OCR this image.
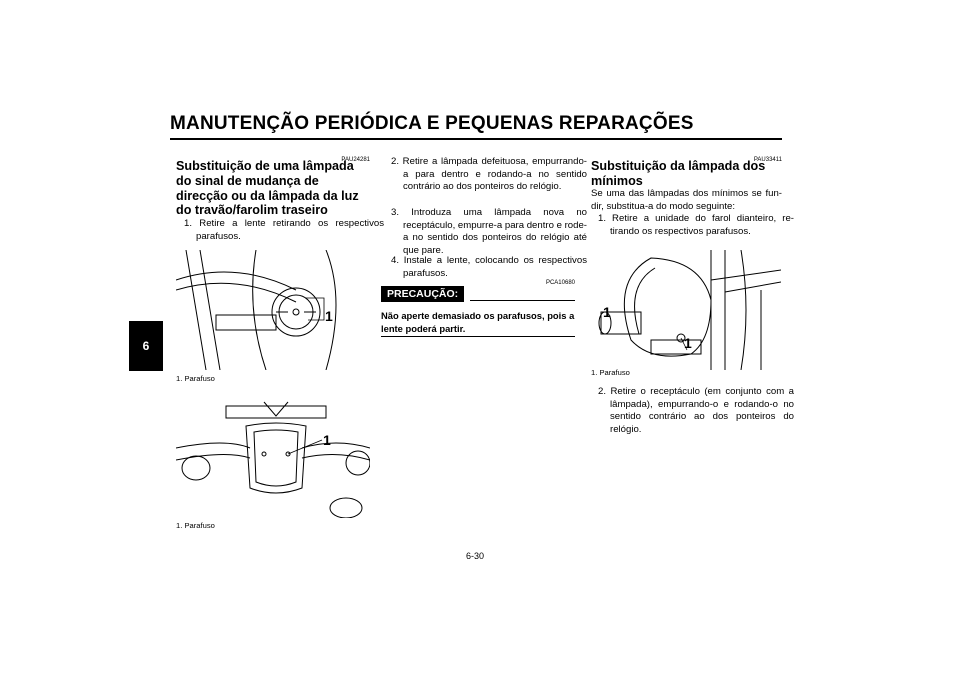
MANUTENÇÃO PERIÓDICA E PEQUENAS REPARAÇÕES
6
PAU24281
Substituição de uma lâmpada do sinal de mudança de direcção ou da lâmpada da luz do travão/farolim traseiro
1. Retire a lente retirando os respectivos parafusos.
1
1. Parafuso
1
1. Parafuso
2. Retire a lâmpada defeituosa, empurrando-a para dentro e rodando-a no sentido contrário ao dos ponteiros do relógio.
3. Introduza uma lâmpada nova no receptáculo, empurre-a para dentro e rode-a no sentido dos ponteiros do relógio até que pare.
4. Instale a lente, colocando os respectivos parafusos.
PCA10680
PRECAUÇÃO:
Não aperte demasiado os parafusos, pois a lente poderá partir.
PAU33411
Substituição da lâmpada dos mínimos
Se uma das lâmpadas dos mínimos se fun-dir, substitua-a do modo seguinte:
1. Retire a unidade do farol dianteiro, re-tirando os respectivos parafusos.
1
1
1. Parafuso
2. Retire o receptáculo (em conjunto com a lâmpada), empurrando-o e rodando-o no sentido contrário ao dos ponteiros do relógio.
6-30
